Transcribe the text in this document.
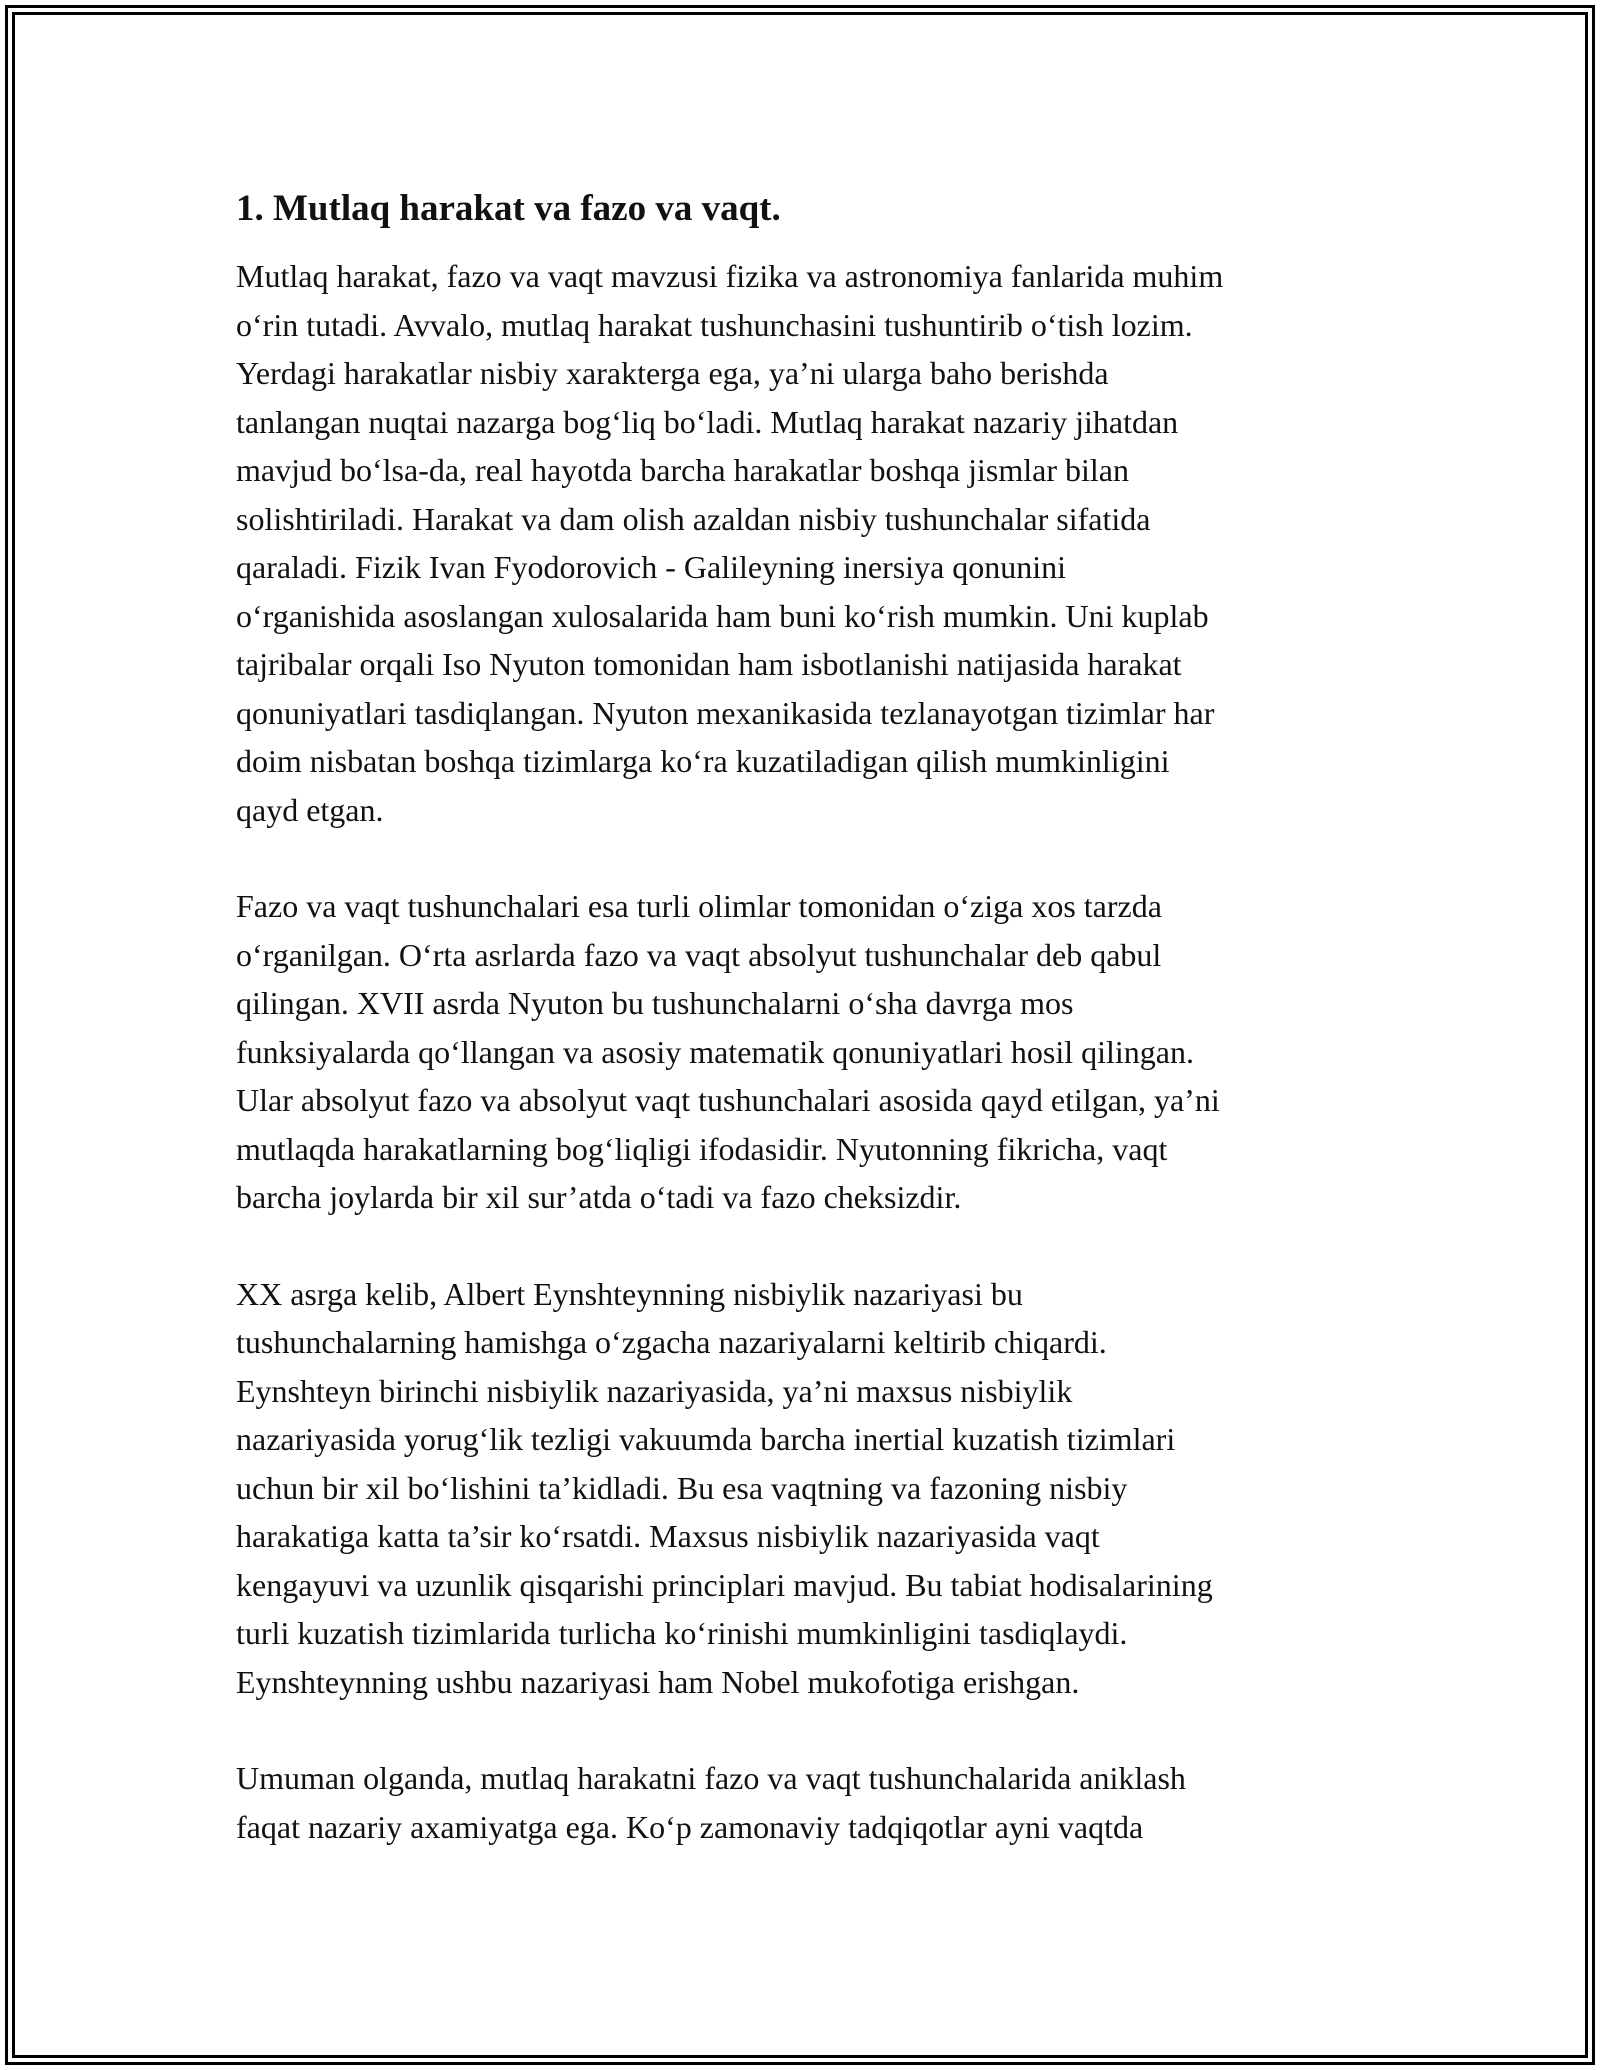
1. Mutlaq harakat va fazo va vaqt.

Mutlaq harakat, fazo va vaqt mavzusi fizika va astronomiya fanlarida muhim
o‘rin tutadi. Avvalo, mutlaq harakat tushunchasini tushuntirib o‘tish lozim.
Yerdagi harakatlar nisbiy xarakterga ega, ya’ni ularga baho berishda
tanlangan nuqtai nazarga bog‘liq bo‘ladi. Mutlaq harakat nazariy jihatdan
mavjud bo‘lsa-da, real hayotda barcha harakatlar boshqa jismlar bilan
solishtiriladi. Harakat va dam olish azaldan nisbiy tushunchalar sifatida
qaraladi. Fizik Ivan Fyodorovich - Galileyning inersiya qonunini
o‘rganishida asoslangan xulosalarida ham buni ko‘rish mumkin. Uni kuplab
tajribalar orqali Iso Nyuton tomonidan ham isbotlanishi natijasida harakat
qonuniyatlari tasdiqlangan. Nyuton mexanikasida tezlanayotgan tizimlar har
doim nisbatan boshqa tizimlarga ko‘ra kuzatiladigan qilish mumkinligini
qayd etgan.

Fazo va vaqt tushunchalari esa turli olimlar tomonidan o‘ziga xos tarzda
o‘rganilgan. O‘rta asrlarda fazo va vaqt absolyut tushunchalar deb qabul
qilingan. XVII asrda Nyuton bu tushunchalarni o‘sha davrga mos
funksiyalarda qo‘llangan va asosiy matematik qonuniyatlari hosil qilingan.
Ular absolyut fazo va absolyut vaqt tushunchalari asosida qayd etilgan, ya’ni
mutlaqda harakatlarning bog‘liqligi ifodasidir. Nyutonning fikricha, vaqt
barcha joylarda bir xil sur’atda o‘tadi va fazo cheksizdir.

XX asrga kelib, Albert Eynshteynning nisbiylik nazariyasi bu
tushunchalarning hamishga o‘zgacha nazariyalarni keltirib chiqardi.
Eynshteyn birinchi nisbiylik nazariyasida, ya’ni maxsus nisbiylik
nazariyasida yorug‘lik tezligi vakuumda barcha inertial kuzatish tizimlari
uchun bir xil bo‘lishini ta’kidladi. Bu esa vaqtning va fazoning nisbiy
harakatiga katta ta’sir ko‘rsatdi. Maxsus nisbiylik nazariyasida vaqt
kengayuvi va uzunlik qisqarishi principlari mavjud. Bu tabiat hodisalarining
turli kuzatish tizimlarida turlicha ko‘rinishi mumkinligini tasdiqlaydi.
Eynshteynning ushbu nazariyasi ham Nobel mukofotiga erishgan.

Umuman olganda, mutlaq harakatni fazo va vaqt tushunchalarida aniklash
faqat nazariy axamiyatga ega. Ko‘p zamonaviy tadqiqotlar ayni vaqtda
